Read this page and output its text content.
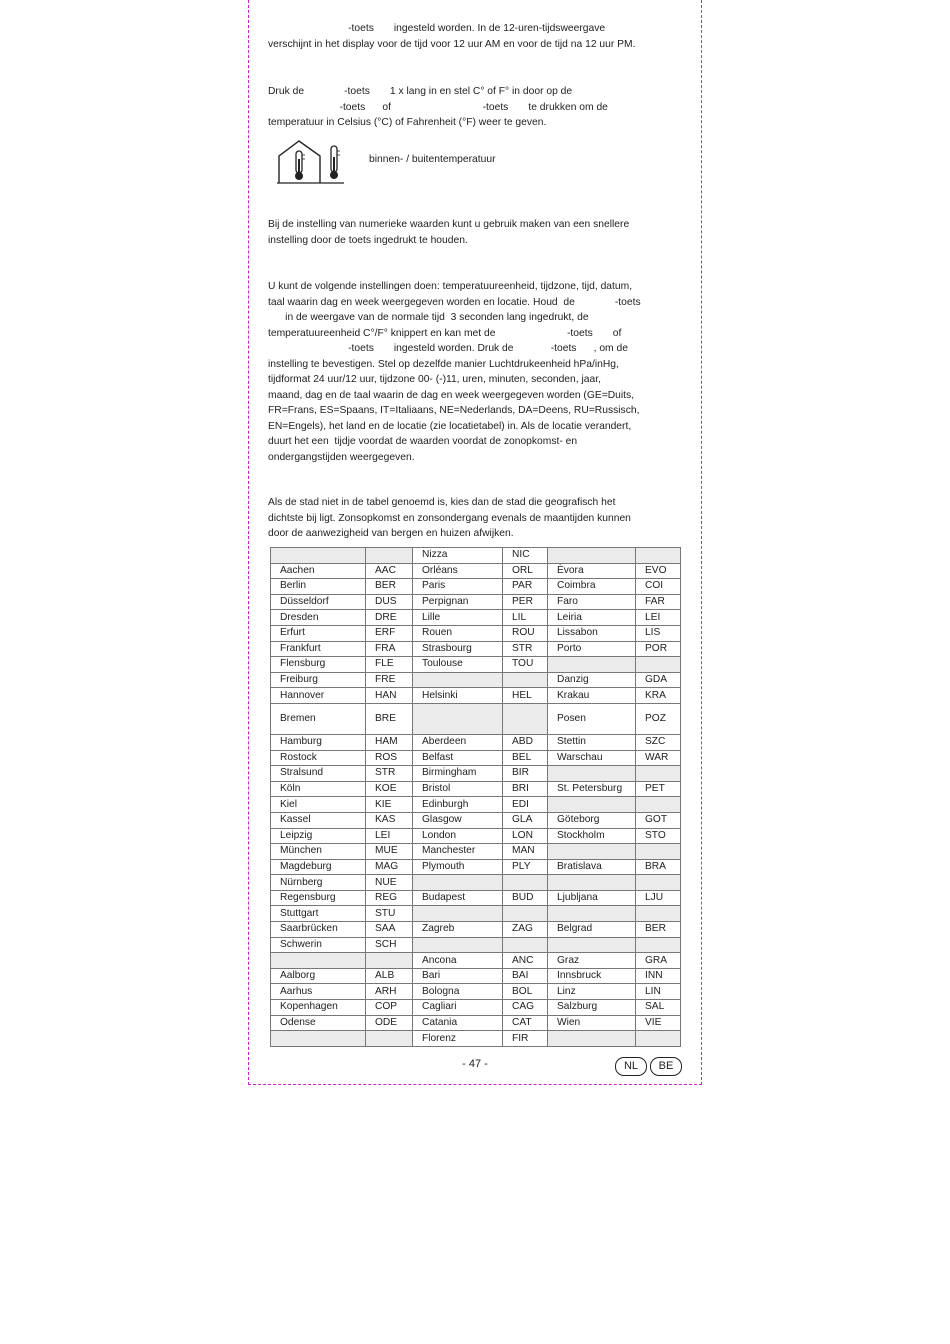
-toets       ingesteld worden. In de 12-uren-tijdsweergave
verschijnt in het display voor de tijd voor 12 uur AM en voor de tijd na 12 uur PM.
Druk de              -toets       1 x lang in en stel C° of F° in door op de
-toets      of                                -toets       te drukken om de
temperatuur in Celsius (°C) of Fahrenheit (°F) weer te geven.
binnen- / buitentemperatuur
Bij de instelling van numerieke waarden kunt u gebruik maken van een snellere
instelling door de toets ingedrukt te houden.
U kunt de volgende instellingen doen: temperatuureenheid, tijdzone, tijd, datum,
taal waarin dag en week weergegeven worden en locatie. Houd  de              -toets
in de weergave van de normale tijd  3 seconden lang ingedrukt, de
temperatuureenheid C°/F° knippert en kan met de                         -toets       of
-toets       ingesteld worden. Druk de             -toets      , om de
instelling te bevestigen. Stel op dezelfde manier Luchtdrukeenheid hPa/inHg,
tijdformat 24 uur/12 uur, tijdzone 00- (-)11, uren, minuten, seconden, jaar,
maand, dag en de taal waarin de dag en week weergegeven worden (GE=Duits,
FR=Frans, ES=Spaans, IT=Italiaans, NE=Nederlands, DA=Deens, RU=Russisch,
EN=Engels), het land en de locatie (zie locatietabel) in. Als de locatie verandert,
duurt het een  tijdje voordat de waarden voordat de zonopkomst- en
ondergangstijden weergegeven.
Als de stad niet in de tabel genoemd is, kies dan de stad die geografisch het
dichtste bij ligt. Zonsopkomst en zonsondergang evenals de maantijden kunnen
door de aanwezigheid van bergen en huizen afwijken.
		Nizza	NIC		
Aachen	AAC	Orléans	ORL	Èvora	EVO
Berlin	BER	Paris	PAR	Coimbra	COI
Düsseldorf	DUS	Perpignan	PER	Faro	FAR
Dresden	DRE	Lille	LIL	Leiria	LEI
Erfurt	ERF	Rouen	ROU	Lissabon	LIS
Frankfurt	FRA	Strasbourg	STR	Porto	POR
Flensburg	FLE	Toulouse	TOU		
Freiburg	FRE			Danzig	GDA
Hannover	HAN	Helsinki	HEL	Krakau	KRA
Bremen	BRE			Posen	POZ
Hamburg	HAM	Aberdeen	ABD	Stettin	SZC
Rostock	ROS	Belfast	BEL	Warschau	WAR
Stralsund	STR	Birmingham	BIR		
Köln	KOE	Bristol	BRI	St. Petersburg	PET
Kiel	KIE	Edinburgh	EDI		
Kassel	KAS	Glasgow	GLA	Göteborg	GOT
Leipzig	LEI	London	LON	Stockholm	STO
München	MUE	Manchester	MAN		
Magdeburg	MAG	Plymouth	PLY	Bratislava	BRA
Nürnberg	NUE				
Regensburg	REG	Budapest	BUD	Ljubljana	LJU
Stuttgart	STU				
Saarbrücken	SAA	Zagreb	ZAG	Belgrad	BER
Schwerin	SCH				
		Ancona	ANC	Graz	GRA
Aalborg	ALB	Bari	BAI	Innsbruck	INN
Aarhus	ARH	Bologna	BOL	Linz	LIN
Kopenhagen	COP	Cagliari	CAG	Salzburg	SAL
Odense	ODE	Catania	CAT	Wien	VIE
		Florenz	FIR		
- 47 -	NL	BE
